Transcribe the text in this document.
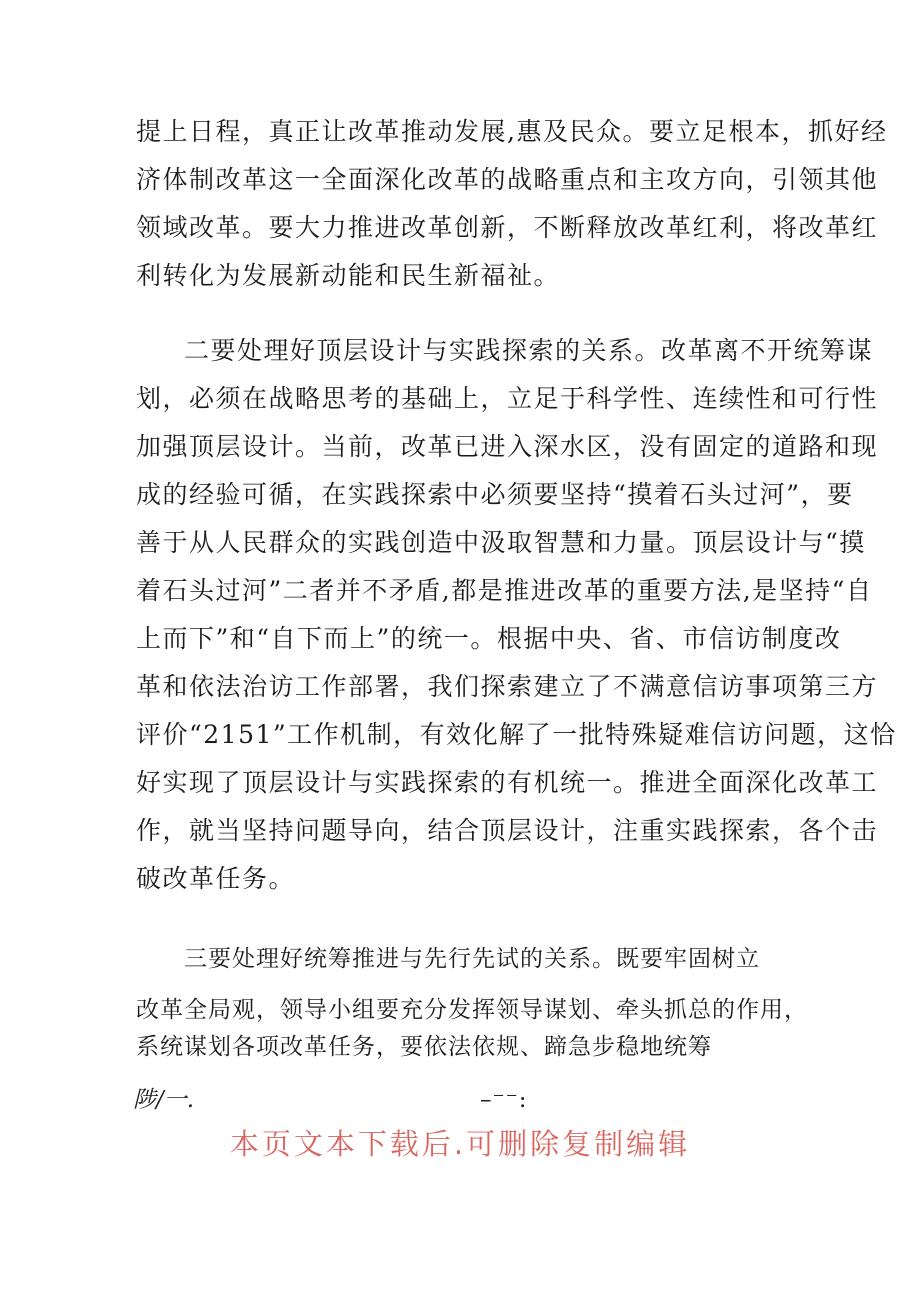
提上日程，真正让改革推动发展,惠及民众。要立足根本，抓好经
济体制改革这一全面深化改革的战略重点和主攻方向，引领其他
领域改革。要大力推进改革创新，不断释放改革红利，将改革红
利转化为发展新动能和民生新福祉。
二要处理好顶层设计与实践探索的关系。改革离不开统筹谋
划，必须在战略思考的基础上，立足于科学性、连续性和可行性
加强顶层设计。当前，改革已进入深水区，没有固定的道路和现
成的经验可循，在实践探索中必须要坚持“摸着石头过河”，要
善于从人民群众的实践创造中汲取智慧和力量。顶层设计与“摸
着石头过河”二者并不矛盾,都是推进改革的重要方法,是坚持“自
上而下”和“自下而上”的统一。根据中央、省、市信访制度改
革和依法治访工作部署，我们探索建立了不满意信访事项第三方
评价“2151”工作机制，有效化解了一批特殊疑难信访问题，这恰
好实现了顶层设计与实践探索的有机统一。推进全面深化改革工
作，就当坚持问题导向，结合顶层设计，注重实践探索，各个击
破改革任务。
三要处理好统筹推进与先行先试的关系。既要牢固树立
改革全局观，领导小组要充分发挥领导谋划、牵头抓总的作用，
系统谋划各项改革任务，要依法依规、蹄急步稳地统筹
陟/一.	–⁻⁻:
本页文本下载后.可删除复制编辑
